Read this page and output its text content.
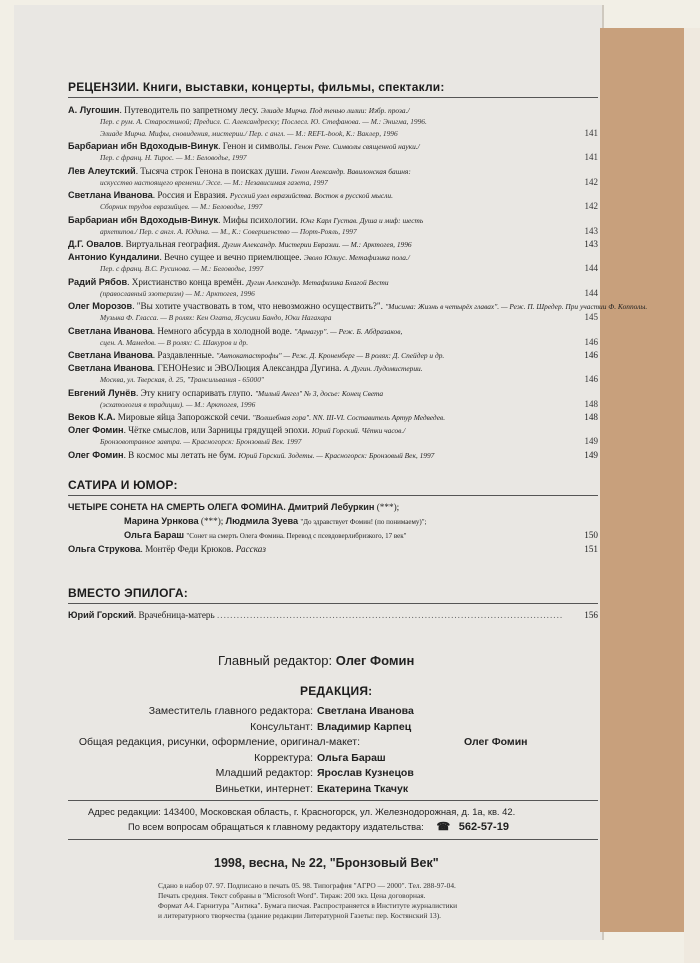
РЕЦЕНЗИИ. Книги, выставки, концерты, фильмы, спектакли:
А. Лугошин. Путеводитель по запретному лесу. Элиаде Мирча. Под тенью лилии: Избр. проза./
Пер. с рум. А. Старостиной; Предисл. С. Александреску; Послесл. Ю. Стефанова. — М.: Энигма, 1996.
Элиаде Мирча. Мифы, сновидения, мистерии./ Пер. с англ. — М.: REFL-book, К.: Ваклер, 1996	141
Барбариан ибн Вдоходыв-Винук. Генон и символы. Генон Рене. Символы священной науки./
Пер. с франц. Н. Тирос. — М.: Беловодье, 1997	141
Лев Алеутский. Тысяча строк Генона в поисках души. Генон Александр. Вавилонская башня:
искусство настоящего времени./ Эссе. — М.: Независимая газета, 1997	142
Светлана Иванова. Россия и Евразия. Русский узел евразийства. Восток в русской мысли.
Сборник трудов евразийцев. — М.: Беловодье, 1997	142
Барбариан ибн Вдоходыв-Винук. Мифы психологии. Юнг Карл Густав. Душа и миф: шесть
архетипов./ Пер. с англ. А. Юдина. — М., К.: Совершенство — Порт-Рояль, 1997	143
Д.Г. Овалов. Виртуальная география. Дугин Александр. Мистерии Евразии. — М.: Арктогея, 1996	143
Антонио Кундалини. Вечно сущее и вечно приемлющее. Эволо Юлиус. Метафизика пола./
Пер. с франц. В.С. Русинова. — М.: Беловодье, 1997	144
Радий Рябов. Христианство конца времён. Дугин Александр. Метафизика Благой Вести
(православный эзотеризм) — М.: Арктогея, 1996	144
Олег Морозов. "Вы хотите участвовать в том, что невозможно осуществить?". "Мисима: Жизнь в четырёх главах". — Реж. П. Шредер. При участии Ф. Копполы.
Музыка Ф. Гласса. — В ролях: Кен Огата, Ясусики Бандо, Юки Нагахара	145
Светлана Иванова. Немного абсурда в холодной воде. "Армагур". — Реж. Б. Абдразаков,
сцен. А. Мамедов. — В ролях: С. Шакуров и др.	146
Светлана Иванова. Раздавленные. "Автокатастрофы" — Реж. Д. Кроненберг — В ролях: Д. Спейдер и др.	146
Светлана Иванова. ГЕНОНезис и ЭВОЛюция Александра Дугина. А. Дугин. Лудомистерии.
Москва, ул. Тверская, д. 25, "Трансильвания - 65000"	146
Евгений Лунёв. Эту книгу оспаривать глупо. "Милый Ангел" № 3, досье: Конец Света
(эсхатология в традиции). — М.: Арктогея, 1996	148
Веков К.А. Мировые яйца Запорожской сечи. "Волшебная гора". NN. III-VI. Составитель Артур Медведев.	148
Олег Фомин. Чётке смыслов, или Зарницы грядущей эпохи. Юрий Горский. Чётки часов./
Бронзовотравное завтра. — Красногорск: Бронзовый Век. 1997	149
Олег Фомин. В космос мы летать не бум. Юрий Горский. Зодеты. — Красногорск: Бронзовый Век, 1997	149
САТИРА И ЮМОР:
ЧЕТЫРЕ СОНЕТА НА СМЕРТЬ ОЛЕГА ФОМИНА. Дмитрий Лебуркин (***);
Марина Урнкова (***); Людмила Зуева "До здравствует Фомин! (по понимаему)";
Ольга Бараш "Сонет на смерть Олега Фомина. Перевод с псевдоверлибризкого, 17 век"	150
Ольга Струкова. Монтёр Феди Крюков. Рассказ	151
ВМЕСТО ЭПИЛОГА:
Юрий Горский. Врачебница-матерь .........................................................................................................	156
Главный редактор: Олег Фомин
РЕДАКЦИЯ:
Заместитель главного редактора: Светлана Иванова
Консультант: Владимир Карпец
Общая редакция, рисунки, оформление, оригинал-макет:	Олег Фомин
Корректура: Ольга Бараш
Младший редактор: Ярослав Кузнецов
Виньетки, интернет: Екатерина Ткачук
Адрес редакции: 143400, Московская область, г. Красногорск, ул. Железнодорожная, д. 1а, кв. 42.
По всем вопросам обращаться к главному редактору издательства: ☎ 562-57-19
1998, весна, № 22, "Бронзовый Век"
Сдано в набор 07. 97. Подписано в печать 05. 98. Типография "АГРО — 2000". Тел. 288-97-04.
Печать средняя. Текст собраны в "Microsoft Word". Тираж: 200 экз. Цена договорная.
Формат А4. Гарнитура "Антика". Бумага писчая. Распространяется в Институте журналистики
и литературного творчества (здание редакции Литературной Газеты: пер. Костянский 13).
